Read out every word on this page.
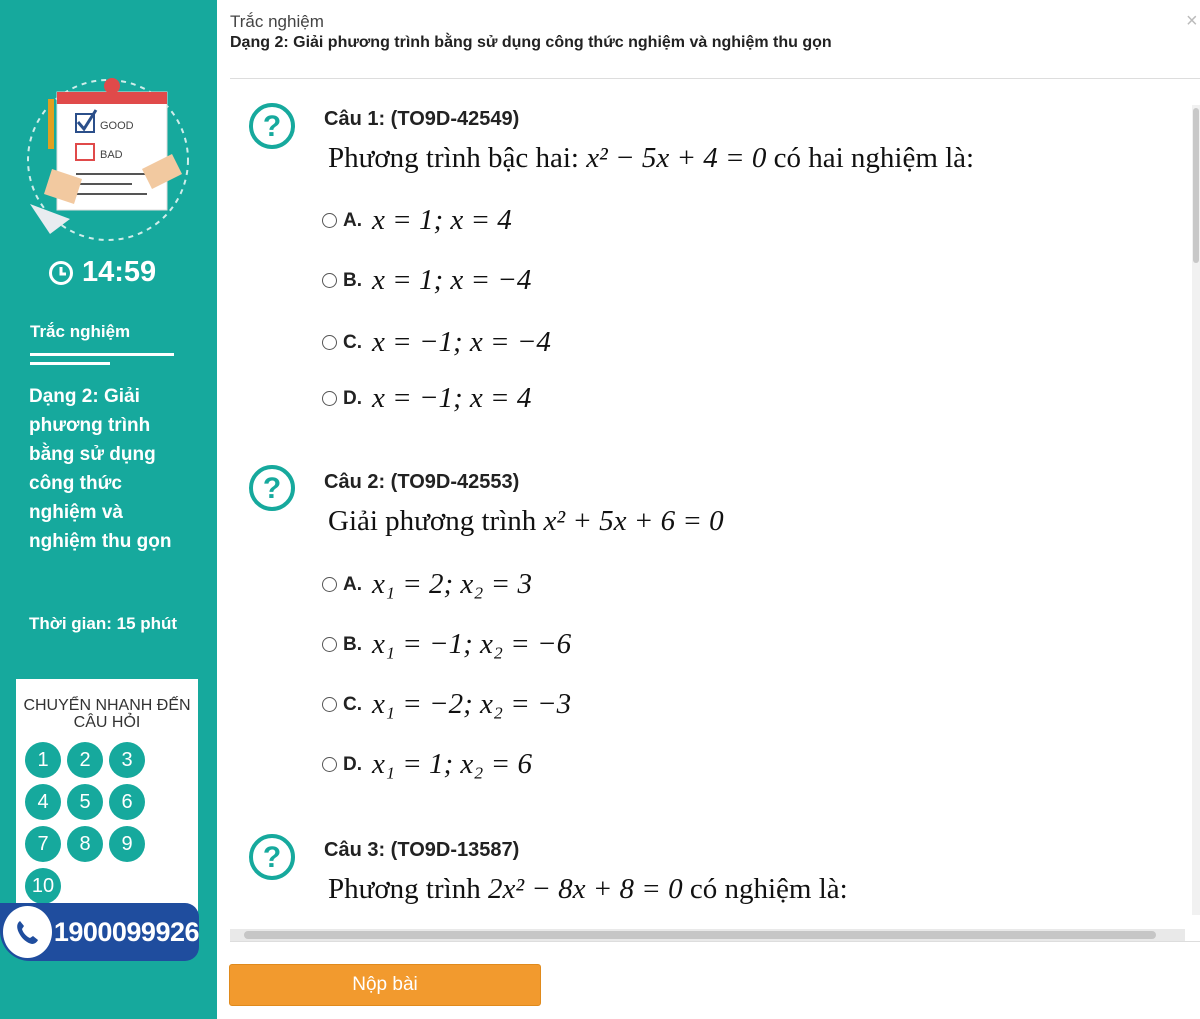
GOOD
BAD
14:59
Trắc nghiệm
Dạng 2: Giải phương trình bằng sử dụng công thức nghiệm và nghiệm thu gọn
Thời gian: 15 phút
CHUYỂN NHANH ĐẾN CÂU HỎI
1	2	3
4	5	6
7	8	9
10
1900099926
Trắc nghiệm
Dạng 2: Giải phương trình bằng sử dụng công thức nghiệm và nghiệm thu gọn
×
? Câu 1: (TO9D-42549)
Phương trình bậc hai: x² − 5x + 4 = 0 có hai nghiệm là:
A. x = 1; x = 4
B. x = 1; x = −4
C. x = −1; x = −4
D. x = −1; x = 4
? Câu 2: (TO9D-42553)
Giải phương trình x² + 5x + 6 = 0
A. x₁ = 2; x₂ = 3
B. x₁ = −1; x₂ = −6
C. x₁ = −2; x₂ = −3
D. x₁ = 1; x₂ = 6
? Câu 3: (TO9D-13587)
Phương trình 2x² − 8x + 8 = 0 có nghiệm là:
Nộp bài
